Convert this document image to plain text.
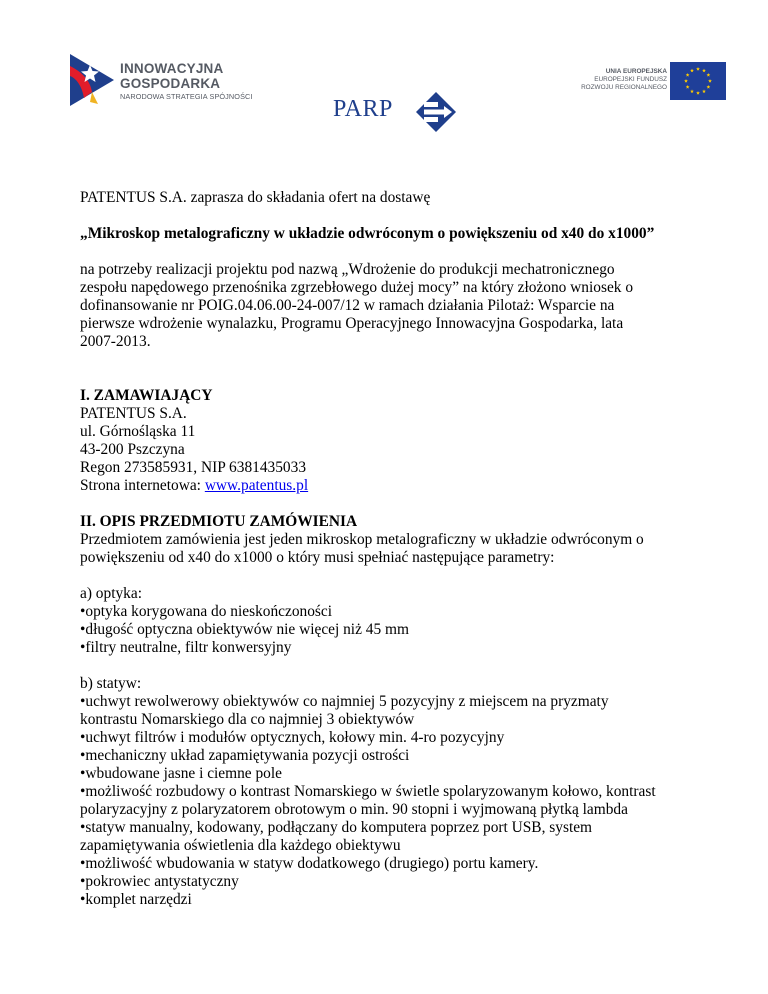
INNOWACYJNA
GOSPODARKA
NARODOWA STRATEGIA SPÓJNOŚCI	PARP
UNIA EUROPEJSKA
EUROPEJSKI FUNDUSZ
ROZWOJU REGIONALNEGO

PATENTUS S.A. zaprasza do składania ofert na dostawę

„Mikroskop metalograficzny w układzie odwróconym o powiększeniu od x40 do x1000”

na potrzeby realizacji projektu pod nazwą „Wdrożenie do produkcji mechatronicznego

zespołu napędowego przenośnika zgrzebłowego dużej mocy” na który złożono wniosek o

dofinansowanie nr POIG.04.06.00-24-007/12 w ramach działania Pilotaż: Wsparcie na

pierwsze wdrożenie wynalazku, Programu Operacyjnego Innowacyjna Gospodarka, lata

2007-2013.

I. ZAMAWIAJĄCY

PATENTUS S.A.

ul. Górnośląska 11

43-200 Pszczyna

Regon 273585931, NIP 6381435033

Strona internetowa: www.patentus.pl

II. OPIS PRZEDMIOTU ZAMÓWIENIA

Przedmiotem zamówienia jest jeden mikroskop metalograficzny w układzie odwróconym o

powiększeniu od x40 do x1000 o który musi spełniać następujące parametry:

a) optyka:

•optyka korygowana do nieskończoności

•długość optyczna obiektywów nie więcej niż 45 mm

•filtry neutralne, filtr konwersyjny

b) statyw:

•uchwyt rewolwerowy obiektywów co najmniej 5 pozycyjny z miejscem na pryzmaty

kontrastu Nomarskiego dla co najmniej 3 obiektywów

•uchwyt filtrów i modułów optycznych, kołowy min. 4-ro pozycyjny

•mechaniczny układ zapamiętywania pozycji ostrości

•wbudowane jasne i ciemne pole

•możliwość rozbudowy o kontrast Nomarskiego w świetle spolaryzowanym kołowo, kontrast

polaryzacyjny z polaryzatorem obrotowym o min. 90 stopni i wyjmowaną płytką lambda

•statyw manualny, kodowany, podłączany do komputera poprzez port USB, system

zapamiętywania oświetlenia dla każdego obiektywu

•możliwość wbudowania w statyw dodatkowego (drugiego) portu kamery.

•pokrowiec antystatyczny

•komplet narzędzi
